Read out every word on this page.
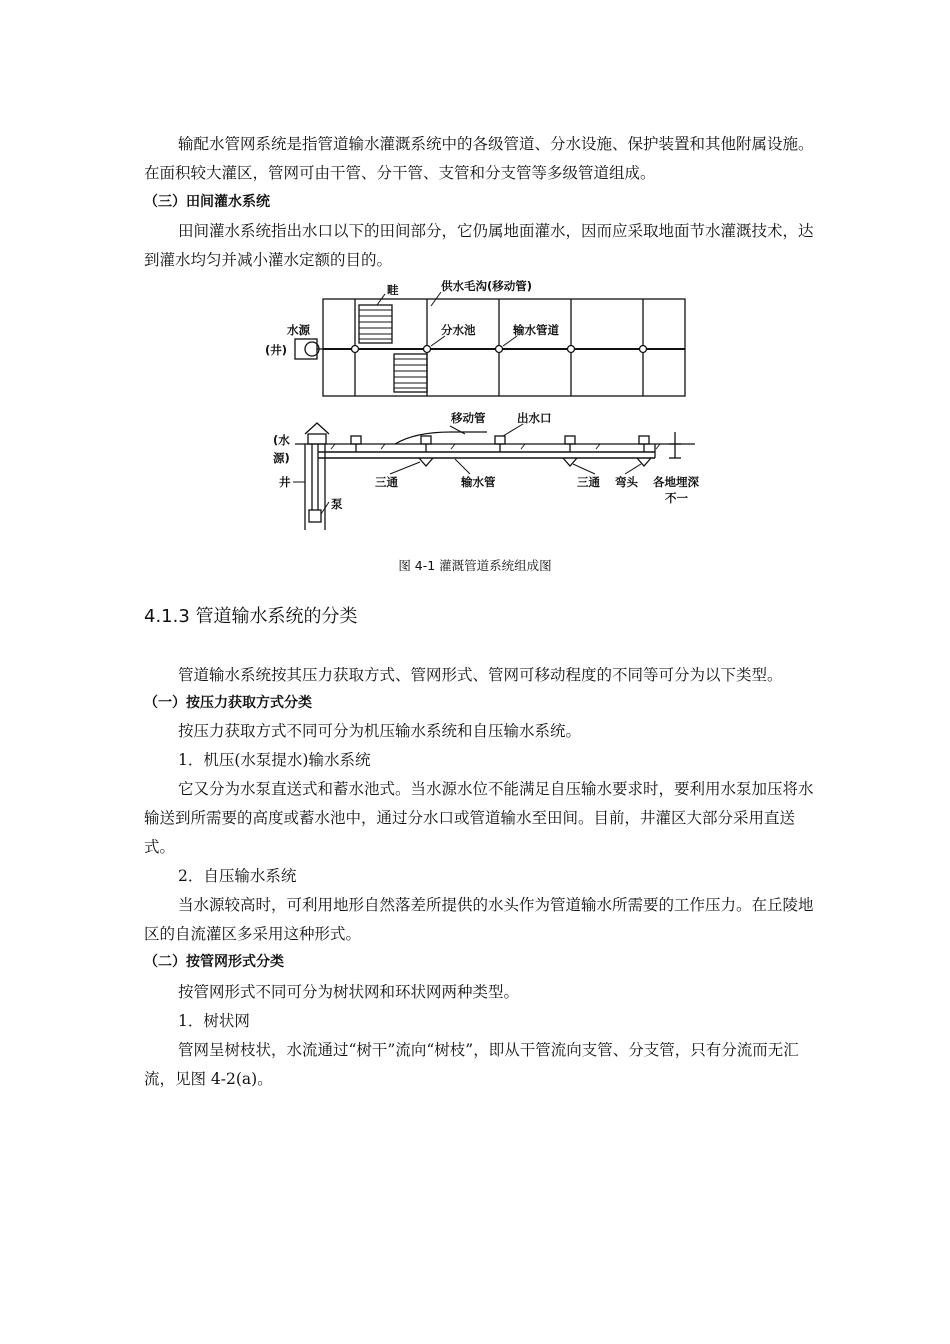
输配水管网系统是指管道输水灌溉系统中的各级管道、分水设施、保护装置和其他附属设施。在面积较大灌区，管网可由干管、分干管、支管和分支管等多级管道组成。

（三）田间灌水系统

田间灌水系统指出水口以下的田间部分，它仍属地面灌水，因而应采取地面节水灌溉技术，达到灌水均匀并减小灌水定额的目的。

畦	供水毛沟(移动管)
水源
(井)
分水池	输水管道
移动管	出水口
(水
源)
井
泵
三通	输水管	三通 弯头 各地埋深
不一
图 4-1 灌溉管道系统组成图

4.1.3 管道输水系统的分类

管道输水系统按其压力获取方式、管网形式、管网可移动程度的不同等可分为以下类型。

（一）按压力获取方式分类

按压力获取方式不同可分为机压输水系统和自压输水系统。

1．机压(水泵提水)输水系统

它又分为水泵直送式和蓄水池式。当水源水位不能满足自压输水要求时，要利用水泵加压将水输送到所需要的高度或蓄水池中，通过分水口或管道输水至田间。目前，井灌区大部分采用直送式。

2．自压输水系统

当水源较高时，可利用地形自然落差所提供的水头作为管道输水所需要的工作压力。在丘陵地区的自流灌区多采用这种形式。

（二）按管网形式分类

按管网形式不同可分为树状网和环状网两种类型。

1．树状网

管网呈树枝状，水流通过“树干”流向“树枝”，即从干管流向支管、分支管，只有分流而无汇流，见图 4-2(a)。
